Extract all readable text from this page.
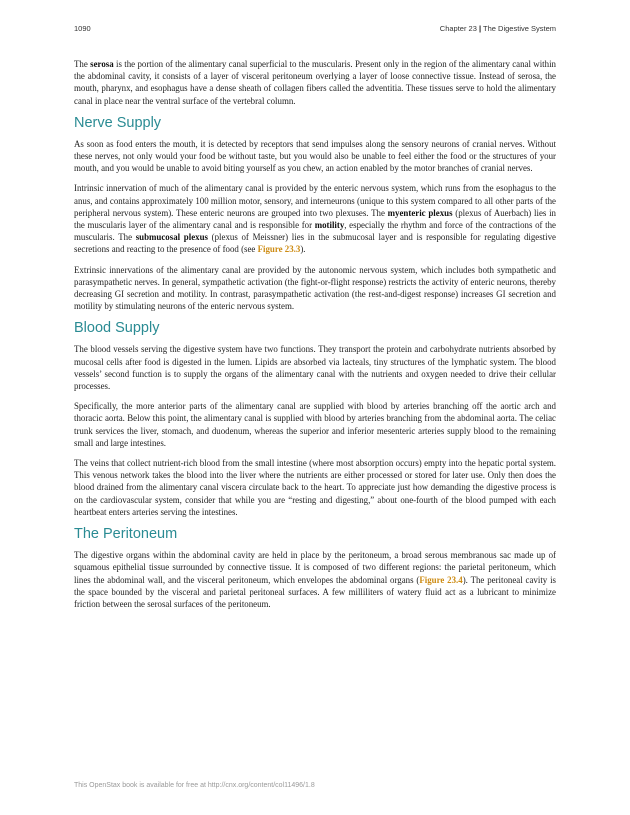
1090	Chapter 23 | The Digestive System

The serosa is the portion of the alimentary canal superficial to the muscularis. Present only in the region of the alimentary canal within the abdominal cavity, it consists of a layer of visceral peritoneum overlying a layer of loose connective tissue. Instead of serosa, the mouth, pharynx, and esophagus have a dense sheath of collagen fibers called the adventitia. These tissues serve to hold the alimentary canal in place near the ventral surface of the vertebral column.

Nerve Supply

As soon as food enters the mouth, it is detected by receptors that send impulses along the sensory neurons of cranial nerves. Without these nerves, not only would your food be without taste, but you would also be unable to feel either the food or the structures of your mouth, and you would be unable to avoid biting yourself as you chew, an action enabled by the motor branches of cranial nerves.

Intrinsic innervation of much of the alimentary canal is provided by the enteric nervous system, which runs from the esophagus to the anus, and contains approximately 100 million motor, sensory, and interneurons (unique to this system compared to all other parts of the peripheral nervous system). These enteric neurons are grouped into two plexuses. The myenteric plexus (plexus of Auerbach) lies in the muscularis layer of the alimentary canal and is responsible for motility, especially the rhythm and force of the contractions of the muscularis. The submucosal plexus (plexus of Meissner) lies in the submucosal layer and is responsible for regulating digestive secretions and reacting to the presence of food (see Figure 23.3).

Extrinsic innervations of the alimentary canal are provided by the autonomic nervous system, which includes both sympathetic and parasympathetic nerves. In general, sympathetic activation (the fight-or-flight response) restricts the activity of enteric neurons, thereby decreasing GI secretion and motility. In contrast, parasympathetic activation (the rest-and-digest response) increases GI secretion and motility by stimulating neurons of the enteric nervous system.

Blood Supply

The blood vessels serving the digestive system have two functions. They transport the protein and carbohydrate nutrients absorbed by mucosal cells after food is digested in the lumen. Lipids are absorbed via lacteals, tiny structures of the lymphatic system. The blood vessels’ second function is to supply the organs of the alimentary canal with the nutrients and oxygen needed to drive their cellular processes.

Specifically, the more anterior parts of the alimentary canal are supplied with blood by arteries branching off the aortic arch and thoracic aorta. Below this point, the alimentary canal is supplied with blood by arteries branching from the abdominal aorta. The celiac trunk services the liver, stomach, and duodenum, whereas the superior and inferior mesenteric arteries supply blood to the remaining small and large intestines.

The veins that collect nutrient-rich blood from the small intestine (where most absorption occurs) empty into the hepatic portal system. This venous network takes the blood into the liver where the nutrients are either processed or stored for later use. Only then does the blood drained from the alimentary canal viscera circulate back to the heart. To appreciate just how demanding the digestive process is on the cardiovascular system, consider that while you are “resting and digesting,” about one-fourth of the blood pumped with each heartbeat enters arteries serving the intestines.

The Peritoneum

The digestive organs within the abdominal cavity are held in place by the peritoneum, a broad serous membranous sac made up of squamous epithelial tissue surrounded by connective tissue. It is composed of two different regions: the parietal peritoneum, which lines the abdominal wall, and the visceral peritoneum, which envelopes the abdominal organs (Figure 23.4). The peritoneal cavity is the space bounded by the visceral and parietal peritoneal surfaces. A few milliliters of watery fluid act as a lubricant to minimize friction between the serosal surfaces of the peritoneum.

This OpenStax book is available for free at http://cnx.org/content/col11496/1.8
